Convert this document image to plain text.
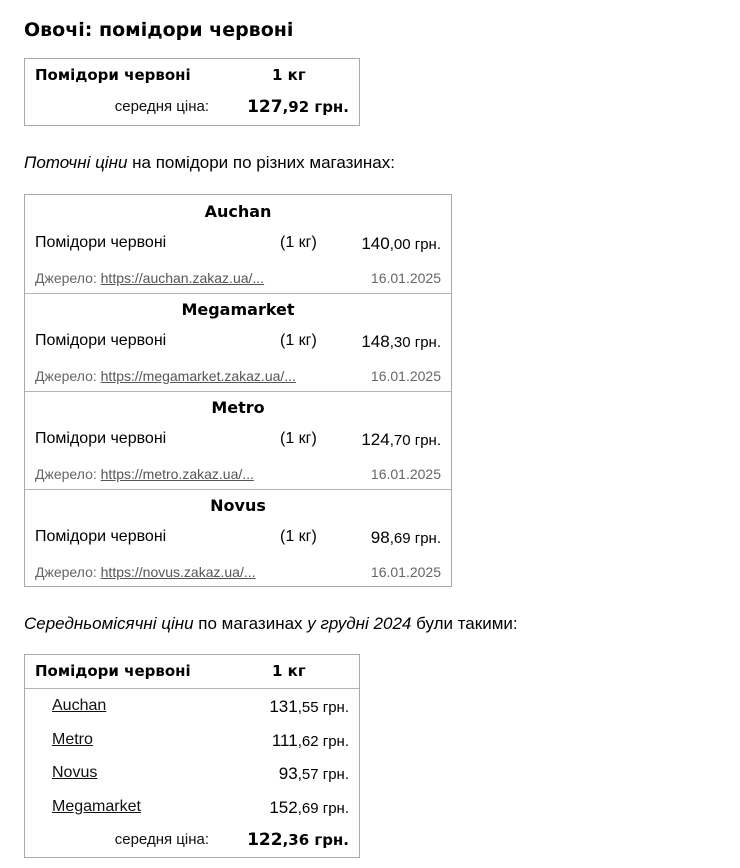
Овочі: помідори червоні
Помідори червоні	1 кг
середня ціна: 127,92 грн.

Поточні ціни на помідори по різних магазинах:

Auchan
Помідори червоні	(1 кг)	140,00 грн.
Джерело: https://auchan.zakaz.ua/...	16.01.2025
Megamarket
Помідори червоні	(1 кг)	148,30 грн.
Джерело: https://megamarket.zakaz.ua/...	16.01.2025
Metro
Помідори червоні	(1 кг)	124,70 грн.
Джерело: https://metro.zakaz.ua/...	16.01.2025
Novus
Помідори червоні	(1 кг)	98,69 грн.
Джерело: https://novus.zakaz.ua/...	16.01.2025

Середньомісячні ціни по магазинах у грудні 2024 були такими:

Помідори червоні	1 кг
Auchan	131,55 грн.
Metro	111,62 грн.
Novus	93,57 грн.
Megamarket	152,69 грн.
середня ціна: 122,36 грн.
